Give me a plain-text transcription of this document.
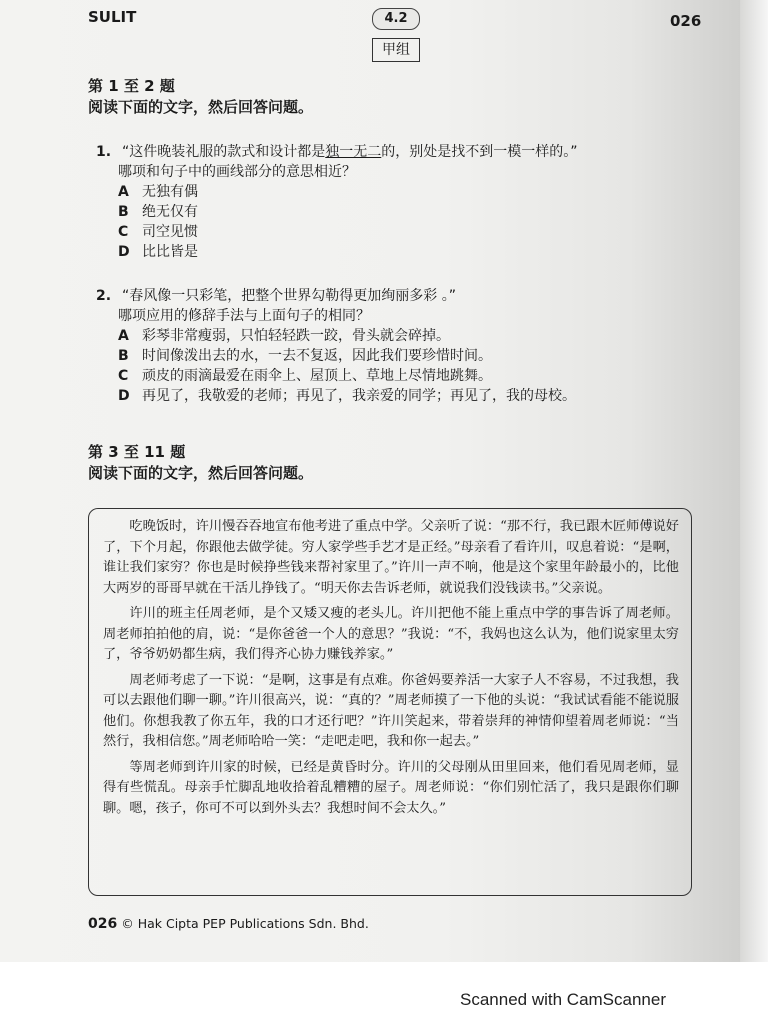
SULIT	4.2	026
甲组
第 1 至 2 题
阅读下面的文字，然后回答问题。
1. “这件晚装礼服的款式和设计都是独一无二的，别处是找不到一模一样的。”
哪项和句子中的画线部分的意思相近？
A 无独有偶
B 绝无仅有
C 司空见惯
D 比比皆是
2. “春风像一只彩笔，把整个世界勾勒得更加绚丽多彩 。”
哪项应用的修辞手法与上面句子的相同？
A 彩琴非常瘦弱，只怕轻轻跌一跤，骨头就会碎掉。
B 时间像泼出去的水，一去不复返，因此我们要珍惜时间。
C 顽皮的雨滴最爱在雨伞上、屋顶上、草地上尽情地跳舞。
D 再见了，我敬爱的老师；再见了，我亲爱的同学；再见了，我的母校。
第 3 至 11 题
阅读下面的文字，然后回答问题。

吃晚饭时，许川慢吞吞地宣布他考进了重点中学。父亲听了说：“那不行，我已跟木匠师傅说好了，下个月起，你跟他去做学徒。穷人家学些手艺才是正经。”母亲看了看许川，叹息着说：“是啊，谁让我们家穷？你也是时候挣些钱来帮衬家里了。”许川一声不响，他是这个家里年龄最小的，比他大两岁的哥哥早就在干活儿挣钱了。“明天你去告诉老师，就说我们没钱读书。”父亲说。

许川的班主任周老师，是个又矮又瘦的老头儿。许川把他不能上重点中学的事告诉了周老师。周老师拍拍他的肩，说：“是你爸爸一个人的意思？”我说：“不，我妈也这么认为，他们说家里太穷了，爷爷奶奶都生病，我们得齐心协力赚钱养家。”

周老师考虑了一下说：“是啊，这事是有点难。你爸妈要养活一大家子人不容易，不过我想，我可以去跟他们聊一聊。”许川很高兴，说：“真的？”周老师摸了一下他的头说：“我试试看能不能说服他们。你想我教了你五年，我的口才还行吧？”许川笑起来，带着崇拜的神情仰望着周老师说：“当然行，我相信您。”周老师哈哈一笑：“走吧走吧，我和你一起去。”

等周老师到许川家的时候，已经是黄昏时分。许川的父母刚从田里回来，他们看见周老师，显得有些慌乱。母亲手忙脚乱地收拾着乱糟糟的屋子。周老师说：“你们别忙活了，我只是跟你们聊聊。嗯，孩子，你可不可以到外头去？我想时间不会太久。”

026 © Hak Cipta PEP Publications Sdn. Bhd.
Scanned with CamScanner
